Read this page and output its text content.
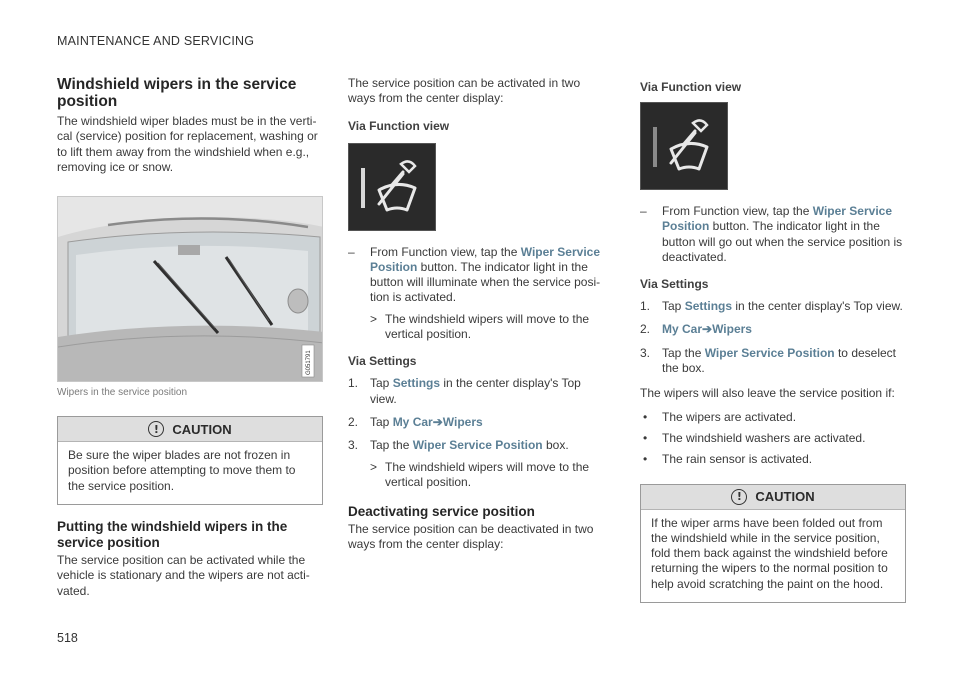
MAINTENANCE AND SERVICING
Windshield wipers in the service position
The windshield wiper blades must be in the verti-cal (service) position for replacement, washing or to lift them away from the windshield when e.g., removing ice or snow.
G051791
Wipers in the service position
!	CAUTION
Be sure the wiper blades are not frozen in position before attempting to move them to the service position.
Putting the windshield wipers in the service position
The service position can be activated while the vehicle is stationary and the wipers are not acti-vated.
The service position can be activated in two ways from the center display:
Via Function view
–	From Function view, tap the Wiper Service Position button. The indicator light in the button will illuminate when the service posi-tion is activated.
> The windshield wipers will move to the vertical position.
Via Settings
1. Tap Settings in the center display's Top view.
2. Tap My Car➔Wipers
3. Tap the Wiper Service Position box.
> The windshield wipers will move to the vertical position.
Deactivating service position
The service position can be deactivated in two ways from the center display:
Via Function view
–	From Function view, tap the Wiper Service Position button. The indicator light in the button will go out when the service position is deactivated.
Via Settings
1. Tap Settings in the center display's Top view.
2. My Car➔Wipers
3. Tap the Wiper Service Position to deselect the box.
The wipers will also leave the service position if:
•	The wipers are activated.
•	The windshield washers are activated.
•	The rain sensor is activated.
!	CAUTION
If the wiper arms have been folded out from the windshield while in the service position, fold them back against the windshield before returning the wipers to the normal position to help avoid scratching the paint on the hood.
518
